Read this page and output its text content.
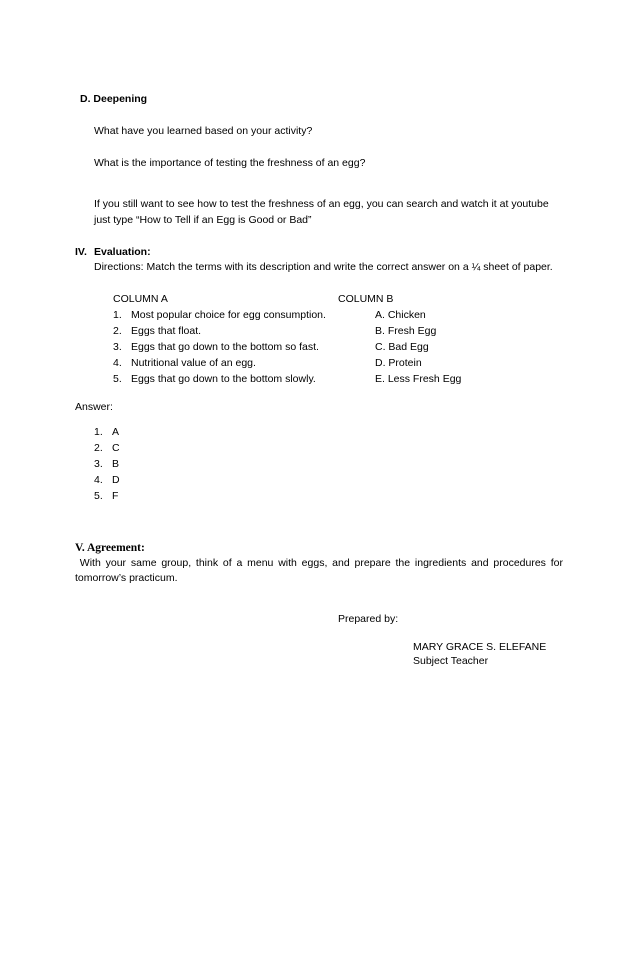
D. Deepening
What have you learned based on your activity?
What is the importance of testing the freshness of an egg?
If you still want to see how to test the freshness of an egg, you can search and watch it at youtube
just type “How to Tell if an Egg is Good or Bad”
IV. Evaluation:
Directions: Match the terms with its description and write the correct answer on a ¼ sheet of paper.
COLUMN A	COLUMN B
1. Most popular choice for egg consumption.
2. Eggs that float.
3. Eggs that go down to the bottom so fast.
4. Nutritional value of an egg.
5. Eggs that go down to the bottom slowly.
A. Chicken
B. Fresh Egg
C. Bad Egg
D. Protein
E. Less Fresh Egg
Answer:
1. A
2. C
3. B
4. D
5. F
V. Agreement:
With your same group, think of a menu with eggs, and prepare the ingredients and procedures for
tomorrow’s practicum.
Prepared by:
MARY GRACE S. ELEFANE
Subject Teacher
